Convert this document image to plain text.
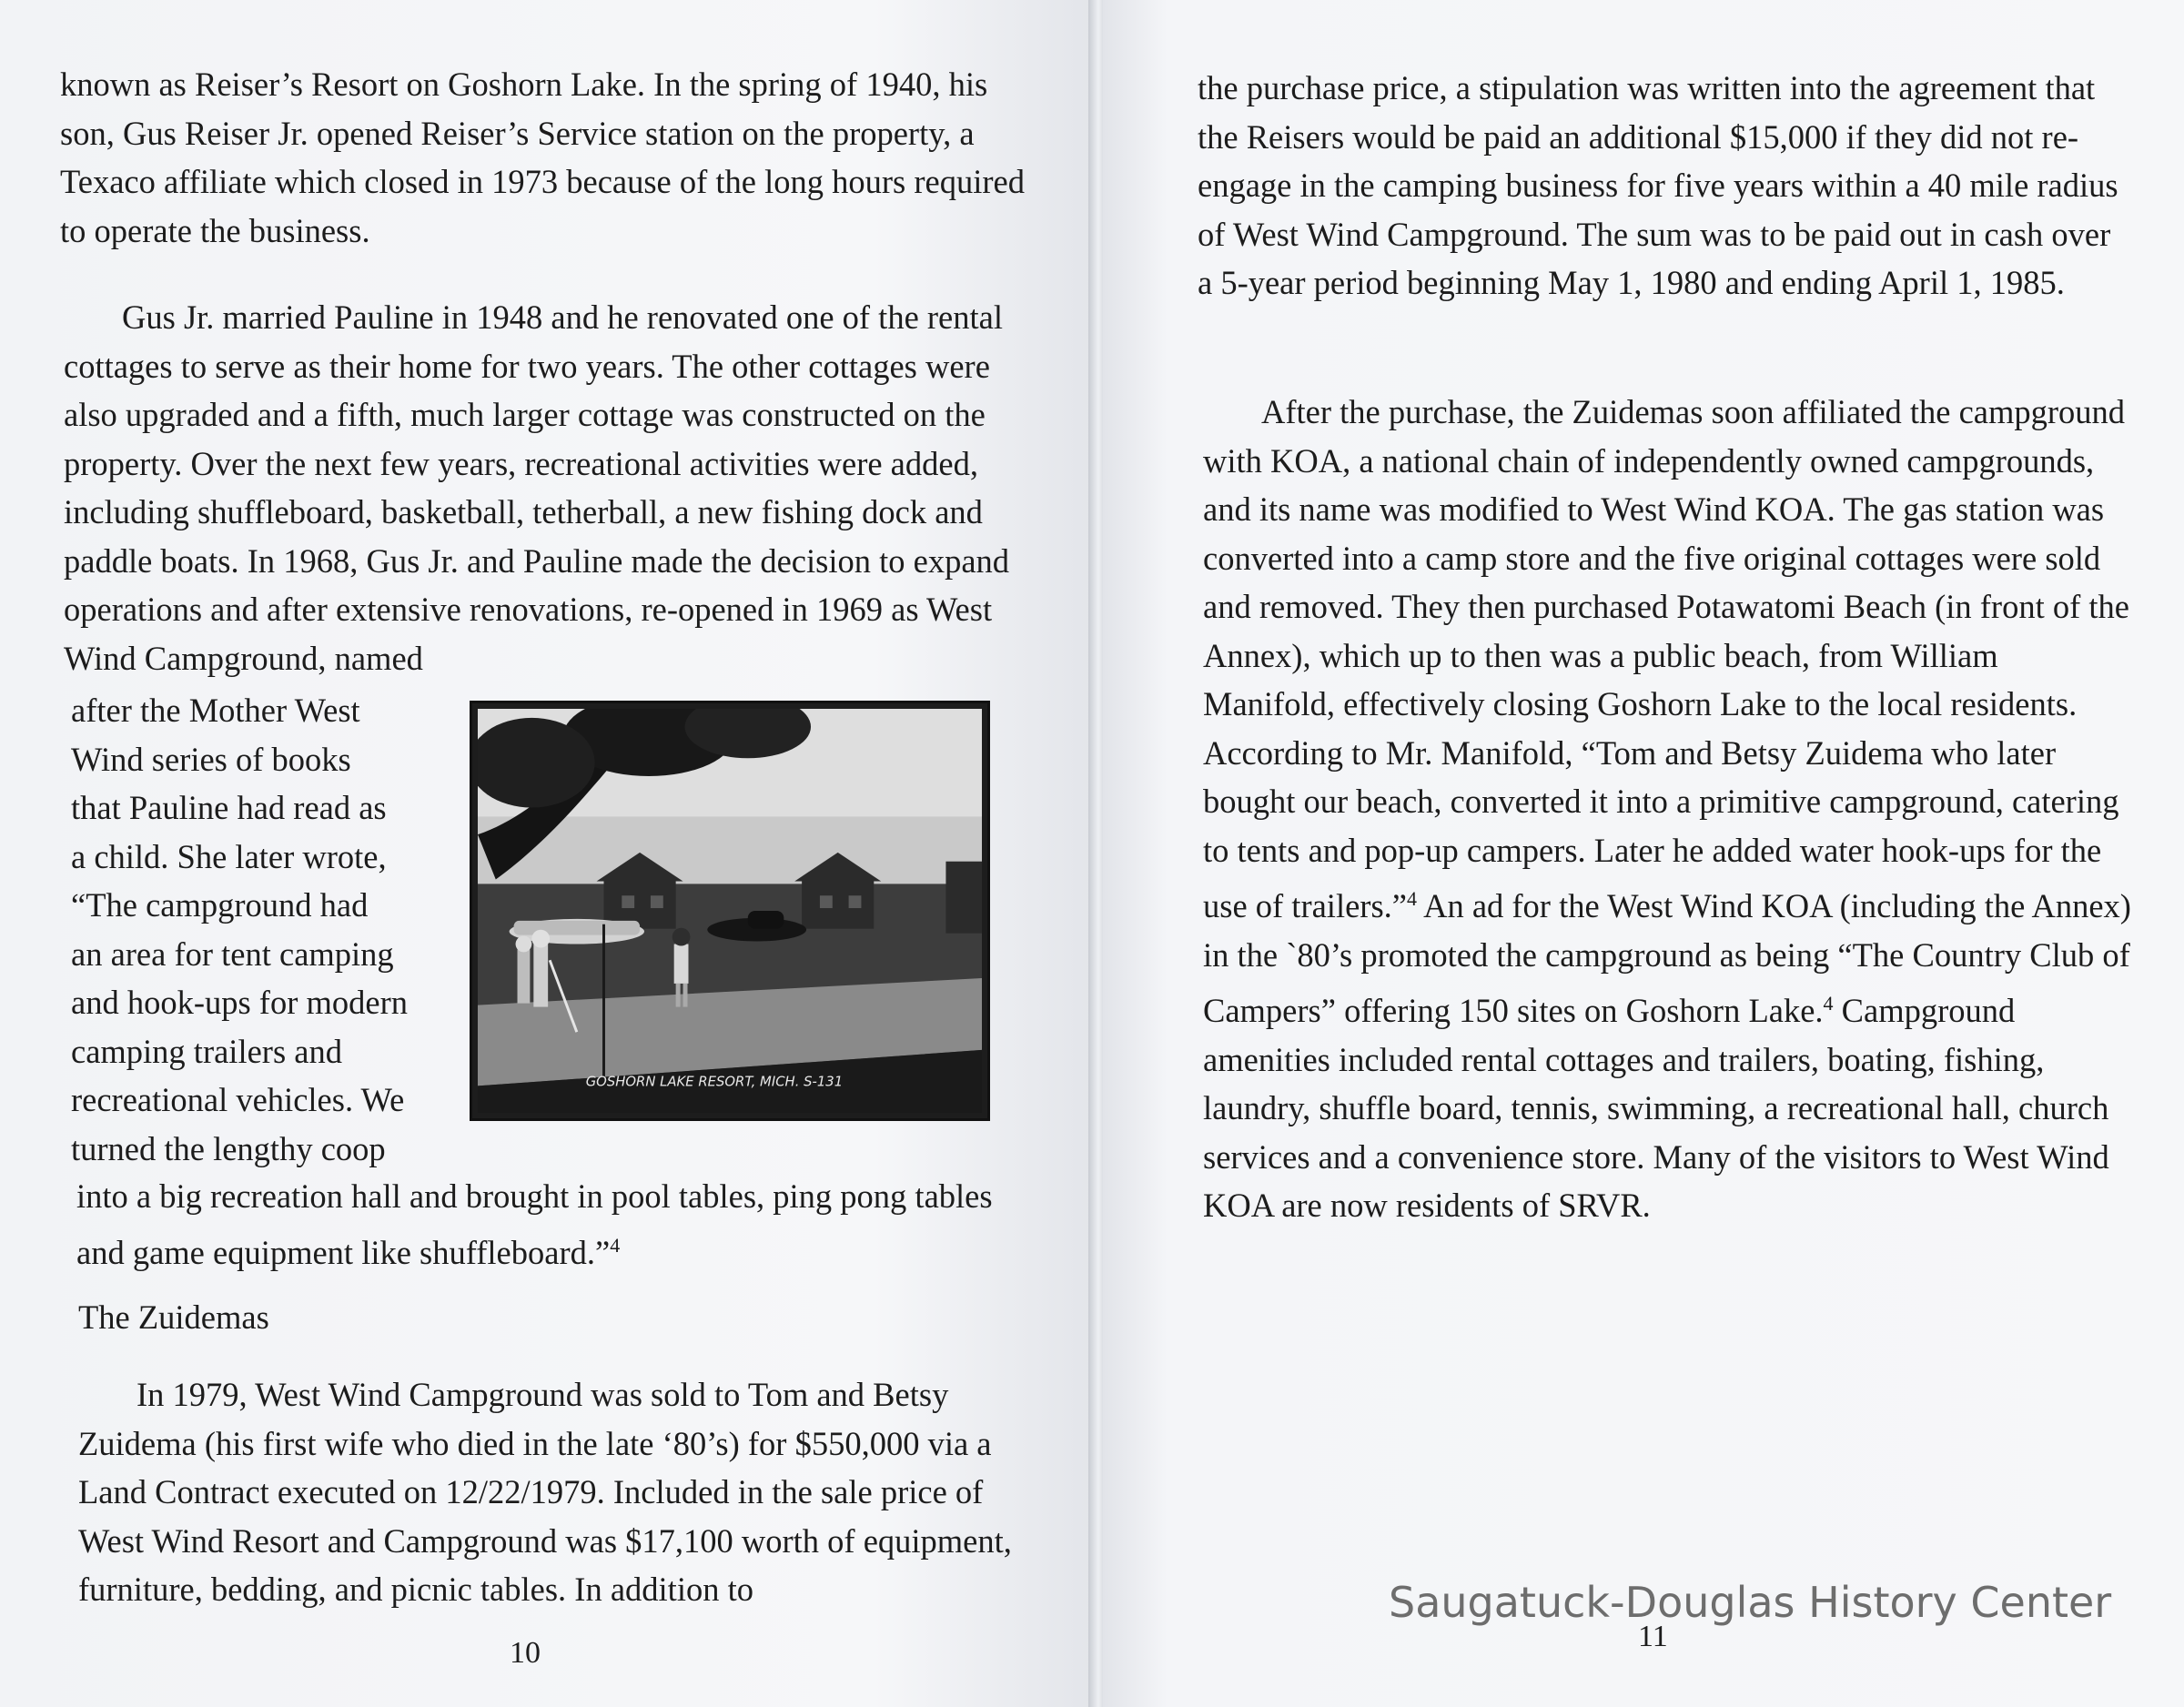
known as Reiser’s Resort on Goshorn Lake. In the spring of 1940, his son, Gus Reiser Jr. opened Reiser’s Service station on the property, a Texaco affiliate which closed in 1973 because of the long hours required to operate the business.

Gus Jr. married Pauline in 1948 and he renovated one of the rental cottages to serve as their home for two years. The other cottages were also upgraded and a fifth, much larger cottage was constructed on the property. Over the next few years, recreational activities were added, including shuffleboard, basketball, tetherball, a new fishing dock and paddle boats. In 1968, Gus Jr. and Pauline made the decision to expand operations and after extensive renovations, re-opened in 1969 as West Wind Campground, named

after the Mother West
Wind series of books
that Pauline had read as
a child. She later wrote,
“The campground had
an area for tent camping
and hook-ups for modern
camping trailers and
recreational vehicles. We
turned the lengthy coop
GOSHORN LAKE RESORT, MICH. S-131

into a big recreation hall and brought in pool tables, ping pong tables and game equipment like shuffleboard.”$^4$

The Zuidemas

In 1979, West Wind Campground was sold to Tom and Betsy Zuidema (his first wife who died in the late ‘80’s) for $550,000 via a Land Contract executed on 12/22/1979. Included in the sale price of West Wind Resort and Campground was $17,100 worth of equipment, furniture, bedding, and picnic tables. In addition to

10

the purchase price, a stipulation was written into the agreement that the Reisers would be paid an additional $15,000 if they did not re-engage in the camping business for five years within a 40 mile radius of West Wind Campground. The sum was to be paid out in cash over a 5-year period beginning May 1, 1980 and ending April 1, 1985.

After the purchase, the Zuidemas soon affiliated the campground with KOA, a national chain of independently owned campgrounds, and its name was modified to West Wind KOA. The gas station was converted into a camp store and the five original cottages were sold and removed. They then purchased Potawatomi Beach (in front of the Annex), which up to then was a public beach, from William Manifold, effectively closing Goshorn Lake to the local residents. According to Mr. Manifold, “Tom and Betsy Zuidema who later bought our beach, converted it into a primitive campground, catering to tents and pop-up campers. Later he added water hook-ups for the use of trailers.”$^4$ An ad for the West Wind KOA (including the Annex) in the `80’s promoted the campground as being “The Country Club of Campers” offering 150 sites on Goshorn Lake.$^4$ Campground amenities included rental cottages and trailers, boating, fishing, laundry, shuffle board, tennis, swimming, a recreational hall, church services and a convenience store. Many of the visitors to West Wind KOA are now residents of SRVR.

11
Saugatuck-Douglas History Center
